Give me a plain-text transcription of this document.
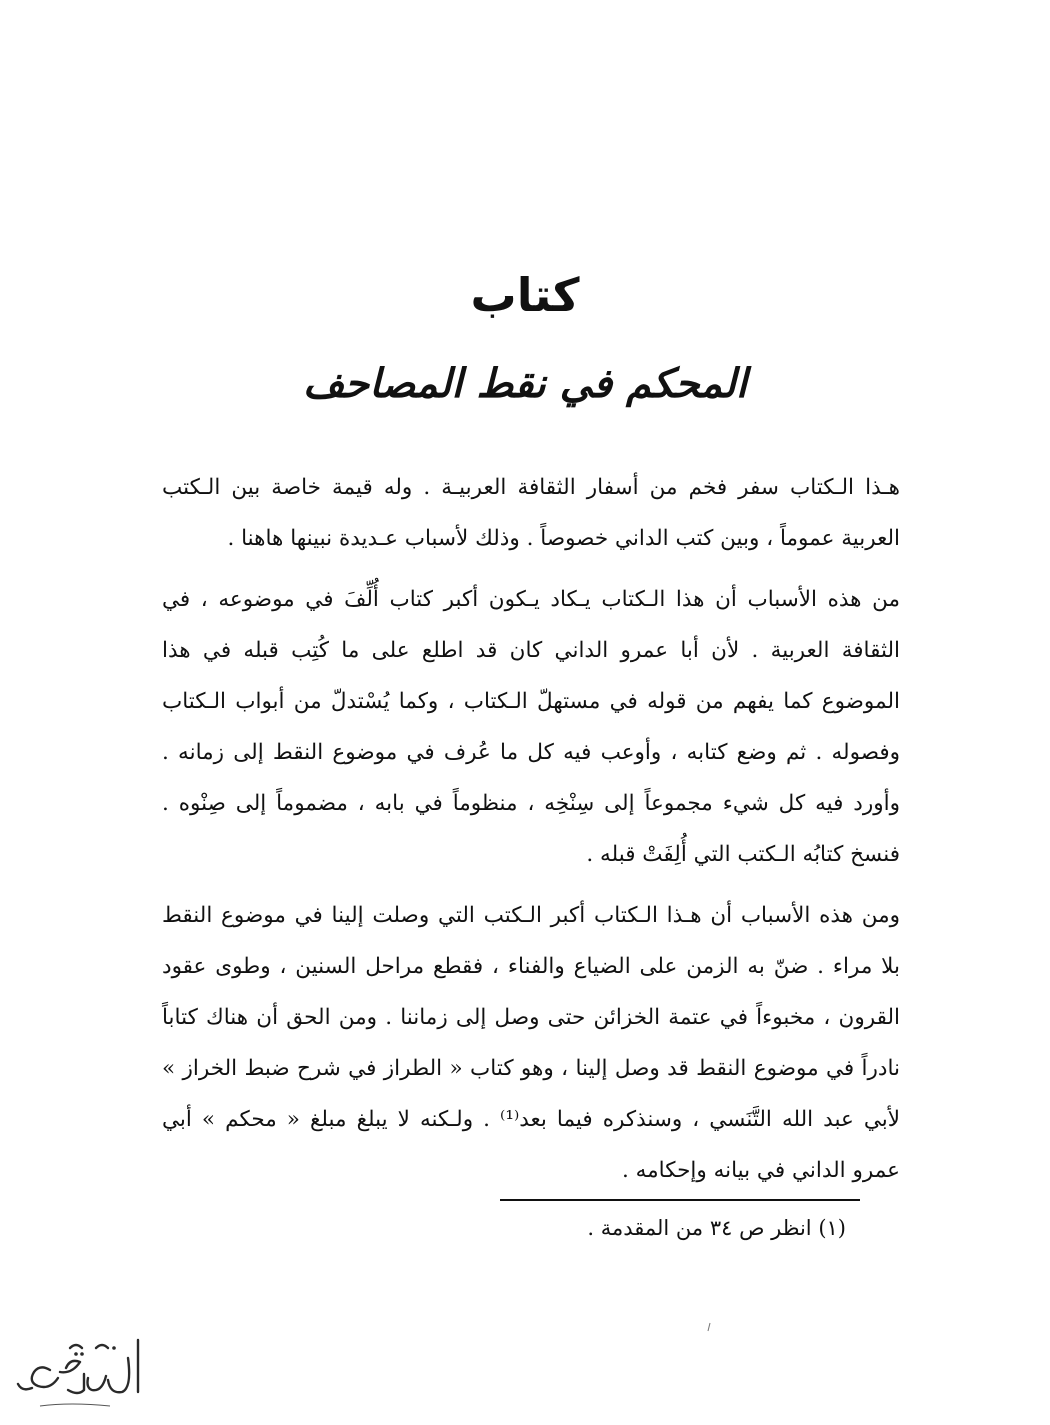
كتاب
المحكم في نقط المصاحف

هـذا الـكتاب سفر فخم من أسفار الثقافة العربيـة . وله قيمة خاصة بين الـكتب العربية عموماً ، وبين كتب الداني خصوصاً . وذلك لأسباب عـديدة نبينها هاهنا .

من هذه الأسباب أن هذا الـكتاب يـكاد يـكون أكبر كتاب أُلِّفَ في موضوعه ، في الثقافة العربية . لأن أبا عمرو الداني كان قد اطلع على ما كُتِب قبله في هذا الموضوع كما يفهم من قوله في مستهلّ الـكتاب ، وكما يُسْتدلّ من أبواب الـكتاب وفصوله . ثم وضع كتابه ، وأوعب فيه كل ما عُرف في موضوع النقط إلى زمانه . وأورد فيه كل شيء مجموعاً إلى سِنْخِه ، منظوماً في بابه ، مضموماً إلى صِنْوه . فنسخ كتابُه الـكتب التي أُلِفَتْ قبله .

ومن هذه الأسباب أن هـذا الـكتاب أكبر الـكتب التي وصلت إلينا في موضوع النقط بلا مراء . ضنّ به الزمن على الضياع والفناء ، فقطع مراحل السنين ، وطوى عقود القرون ، مخبوءاً في عتمة الخزائن حتى وصل إلى زماننا . ومن الحق أن هناك كتاباً نادراً في موضوع النقط قد وصل إلينا ، وهو كتاب « الطراز في شرح ضبط الخراز » لأبي عبد الله التَّنَسي ، وسنذكره فيما بعد⁽¹⁾ . ولـكنه لا يبلغ مبلغ « محكم » أبي عمرو الداني في بيانه وإحكامه .

(١) انظر ص ٣٤ من المقدمة .
